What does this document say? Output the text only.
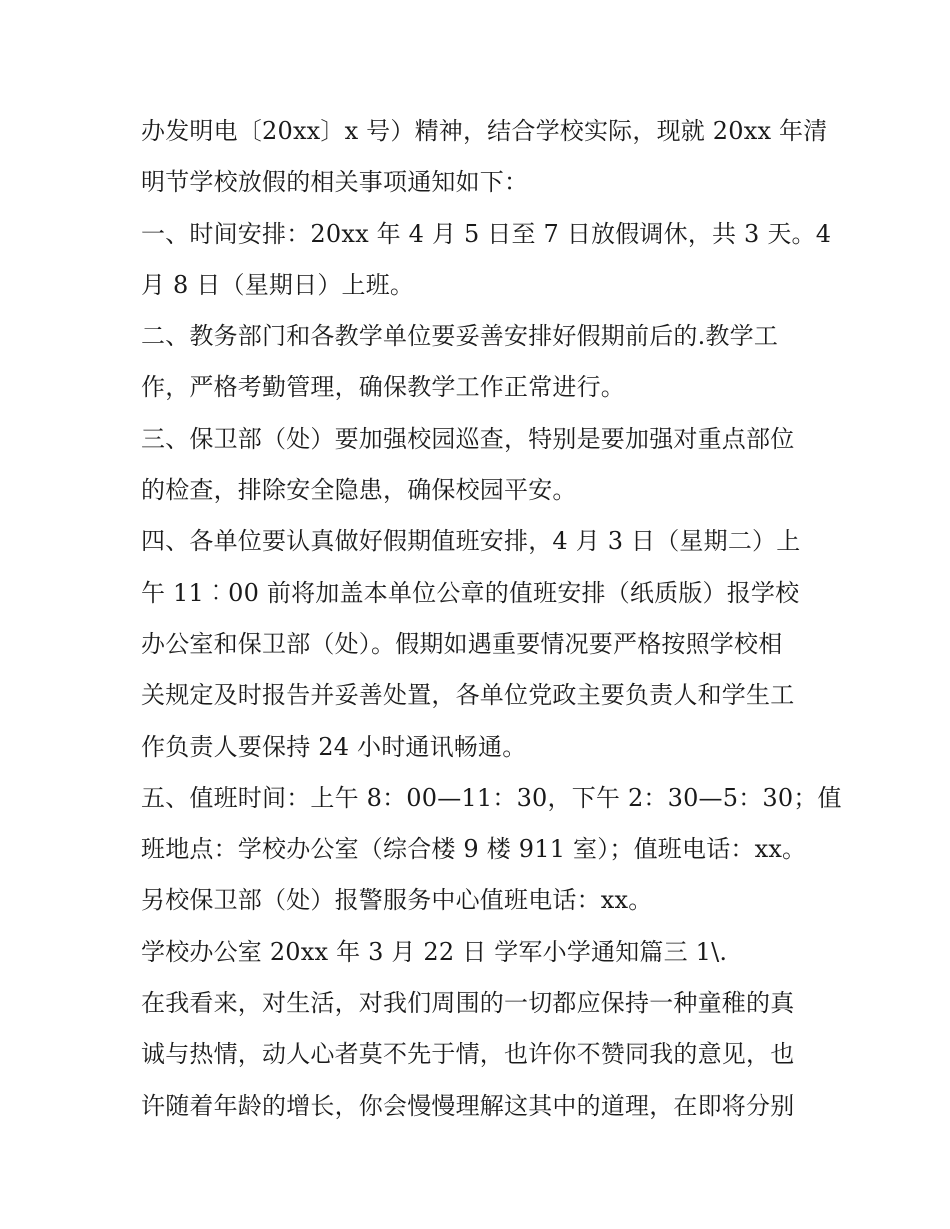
办发明电〔20xx〕x 号）精神，结合学校实际，现就 20xx 年清
明节学校放假的相关事项通知如下：
一、时间安排：20xx 年 4 月 5 日至 7 日放假调休，共 3 天。4
月 8 日（星期日）上班。
二、教务部门和各教学单位要妥善安排好假期前后的.教学工
作，严格考勤管理，确保教学工作正常进行。
三、保卫部（处）要加强校园巡查，特别是要加强对重点部位
的检查，排除安全隐患，确保校园平安。
四、各单位要认真做好假期值班安排，4 月 3 日（星期二）上
午 11︰00 前将加盖本单位公章的值班安排（纸质版）报学校
办公室和保卫部（处）。假期如遇重要情况要严格按照学校相
关规定及时报告并妥善处置，各单位党政主要负责人和学生工
作负责人要保持 24 小时通讯畅通。
五、值班时间：上午 8：00—11：30，下午 2：30—5：30；值
班地点：学校办公室（综合楼 9 楼 911 室）；值班电话：xx。
另校保卫部（处）报警服务中心值班电话：xx。
学校办公室 20xx 年 3 月 22 日 学军小学通知篇三 1\.
在我看来，对生活，对我们周围的一切都应保持一种童稚的真
诚与热情，动人心者莫不先于情，也许你不赞同我的意见，也
许随着年龄的增长，你会慢慢理解这其中的道理，在即将分别
